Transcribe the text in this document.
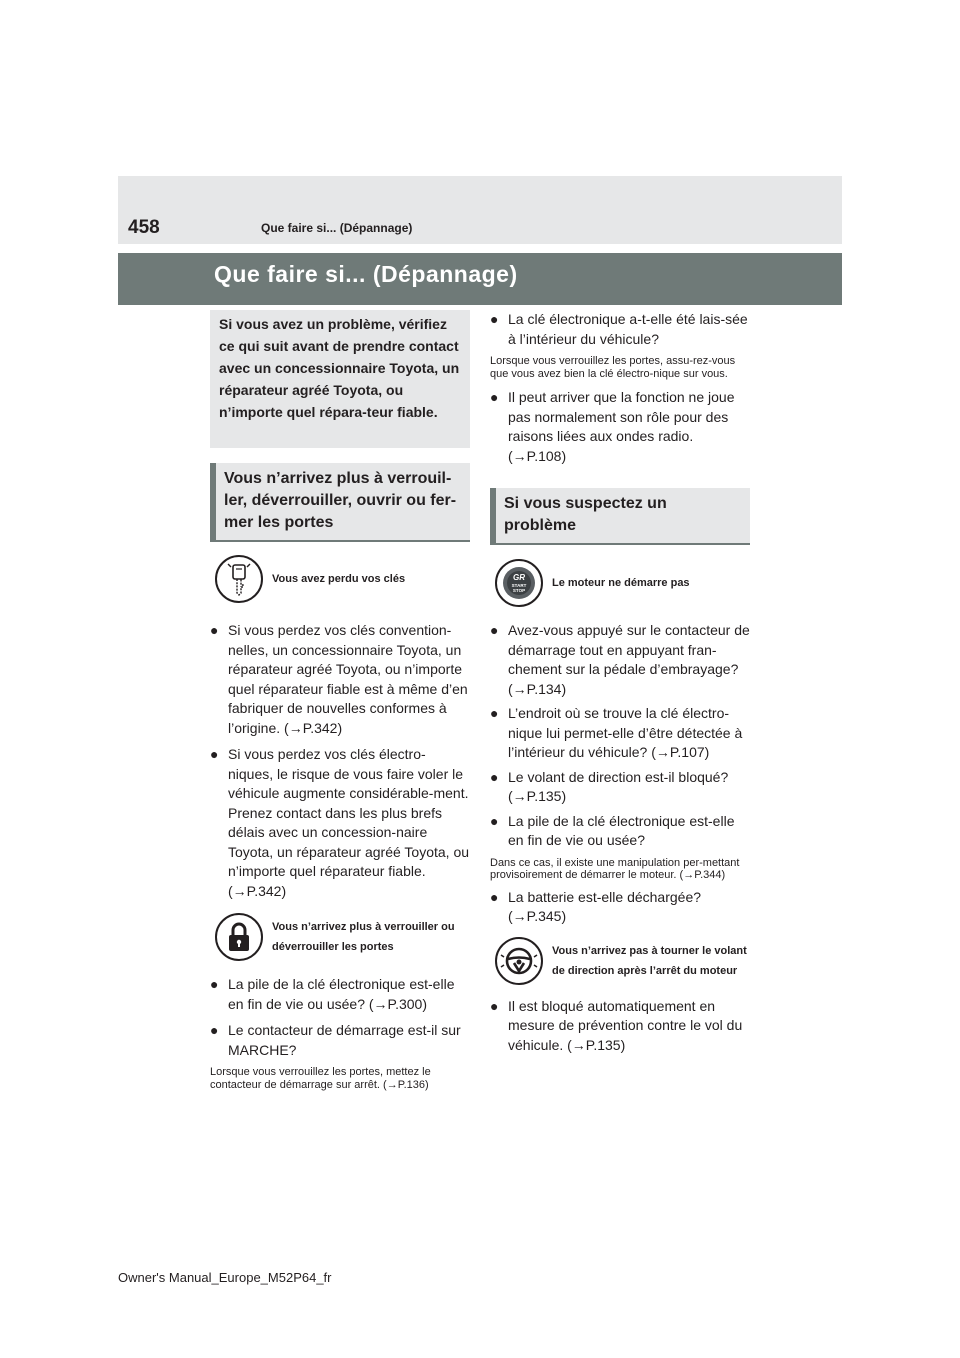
458	Que faire si... (Dépannage)
Que faire si... (Dépannage)
Si vous avez un problème, vérifiez ce qui suit avant de prendre contact avec un concessionnaire Toyota, un réparateur agréé Toyota, ou n’importe quel répara-teur fiable.
Vous n’arrivez plus à verrouil-ler, déverrouiller, ouvrir ou fer-mer les portes
Vous avez perdu vos clés
● Si vous perdez vos clés convention-nelles, un concessionnaire Toyota, un réparateur agréé Toyota, ou n’importe quel réparateur fiable est à même d’en fabriquer de nouvelles conformes à l’origine. (→P.342)
● Si vous perdez vos clés électro-niques, le risque de vous faire voler le véhicule augmente considérable-ment. Prenez contact dans les plus brefs délais avec un concession-naire Toyota, un réparateur agréé Toyota, ou n’importe quel réparateur fiable. (→P.342)
Vous n’arrivez plus à verrouiller ou déverrouiller les portes
● La pile de la clé électronique est-elle en fin de vie ou usée? (→P.300)
● Le contacteur de démarrage est-il sur MARCHE?
Lorsque vous verrouillez les portes, mettez le contacteur de démarrage sur arrêt. (→P.136)
● La clé électronique a-t-elle été lais-sée à l’intérieur du véhicule?
Lorsque vous verrouillez les portes, assu-rez-vous que vous avez bien la clé électro-nique sur vous.
● Il peut arriver que la fonction ne joue pas normalement son rôle pour des raisons liées aux ondes radio. (→P.108)
Si vous suspectez un problème
GR
START
STOP
Le moteur ne démarre pas
● Avez-vous appuyé sur le contacteur de démarrage tout en appuyant fran-chement sur la pédale d’embrayage? (→P.134)
● L’endroit où se trouve la clé électro-nique lui permet-elle d’être détectée à l’intérieur du véhicule? (→P.107)
● Le volant de direction est-il bloqué? (→P.135)
● La pile de la clé électronique est-elle en fin de vie ou usée?
Dans ce cas, il existe une manipulation per-mettant provisoirement de démarrer le moteur. (→P.344)
● La batterie est-elle déchargée? (→P.345)
Vous n’arrivez pas à tourner le volant de direction après l’arrêt du moteur
● Il est bloqué automatiquement en mesure de prévention contre le vol du véhicule. (→P.135)
Owner's Manual_Europe_M52P64_fr
